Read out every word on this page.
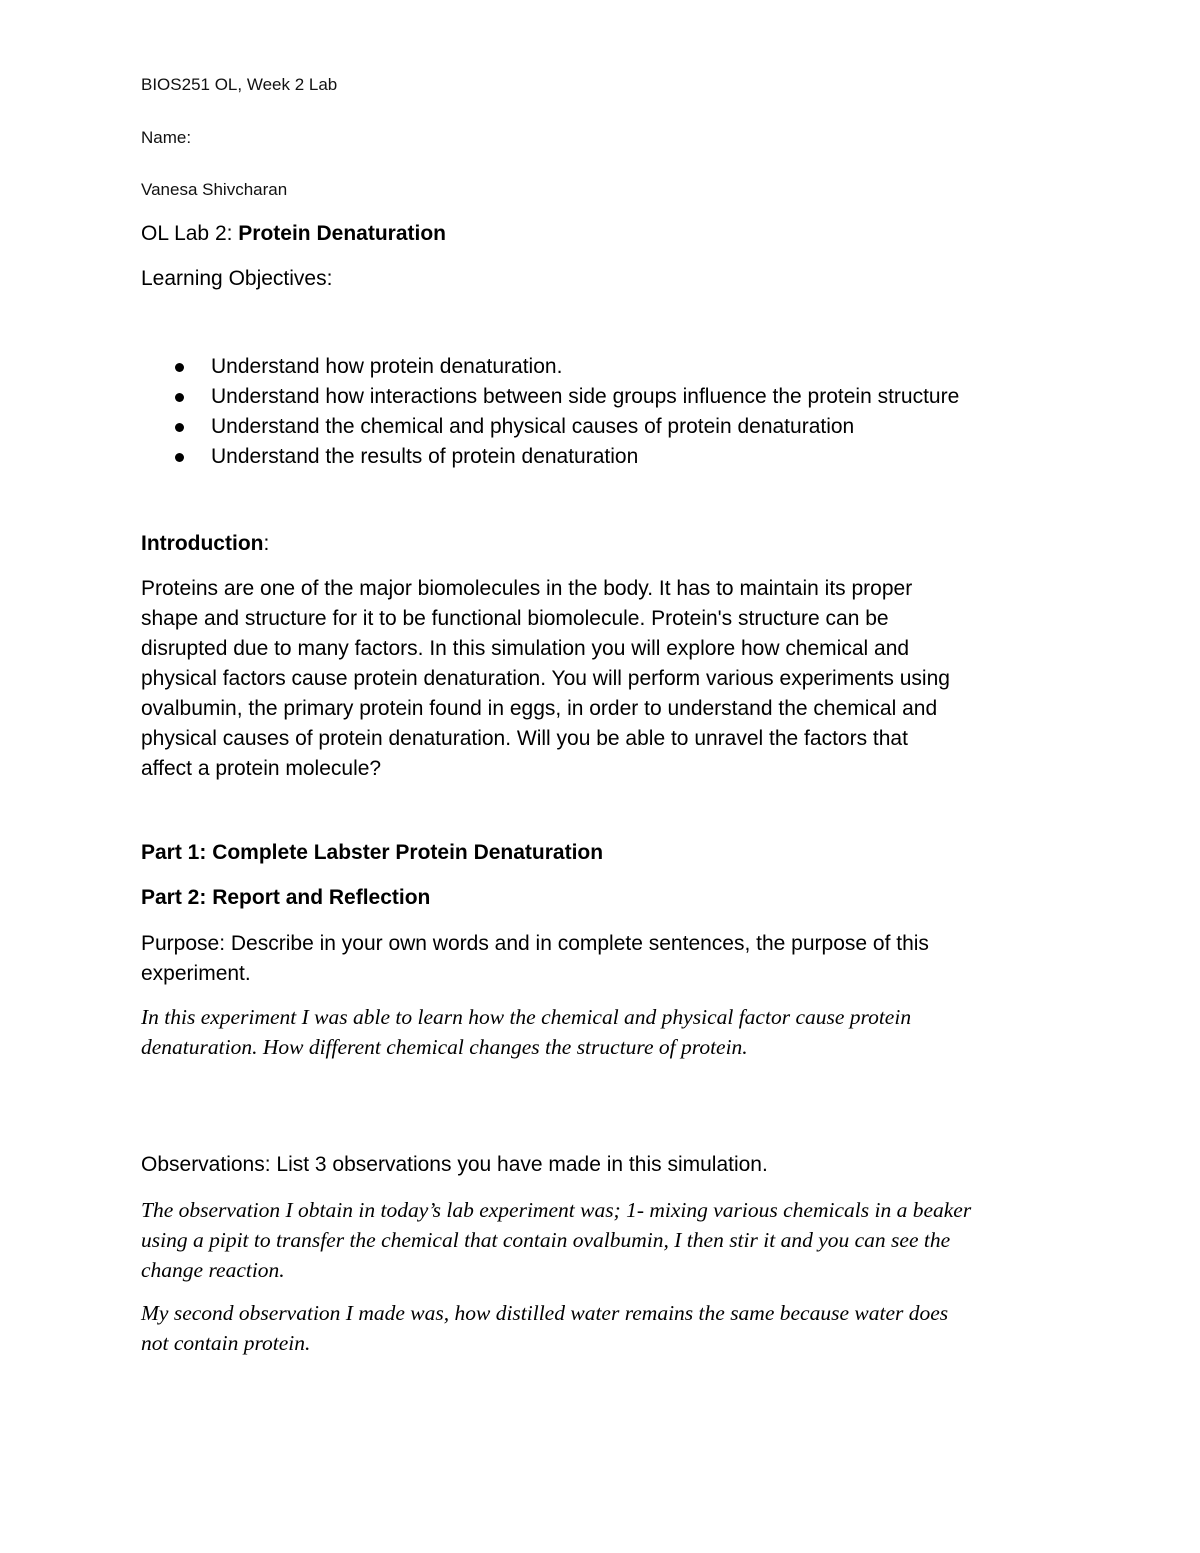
BIOS251 OL, Week 2 Lab

Name:

Vanesa Shivcharan

OL Lab 2: Protein Denaturation

Learning Objectives:

Understand how protein denaturation.
Understand how interactions between side groups influence the protein structure
Understand the chemical and physical causes of protein denaturation
Understand the results of protein denaturation

Introduction:

Proteins are one of the major biomolecules in the body. It has to maintain its proper
shape and structure for it to be functional biomolecule. Protein's structure can be
disrupted due to many factors. In this simulation you will explore how chemical and
physical factors cause protein denaturation. You will perform various experiments using
ovalbumin, the primary protein found in eggs, in order to understand the chemical and
physical causes of protein denaturation. Will you be able to unravel the factors that
affect a protein molecule?

Part 1: Complete Labster Protein Denaturation

Part 2: Report and Reflection

Purpose: Describe in your own words and in complete sentences, the purpose of this
experiment.
In this experiment I was able to learn how the chemical and physical factor cause protein
denaturation. How different chemical changes the structure of protein.

Observations: List 3 observations you have made in this simulation.

The observation I obtain in today’s lab experiment was; 1- mixing various chemicals in a beaker
using a pipit to transfer the chemical that contain ovalbumin, I then stir it and you can see the
change reaction.
My second observation I made was, how distilled water remains the same because water does
not contain protein.
